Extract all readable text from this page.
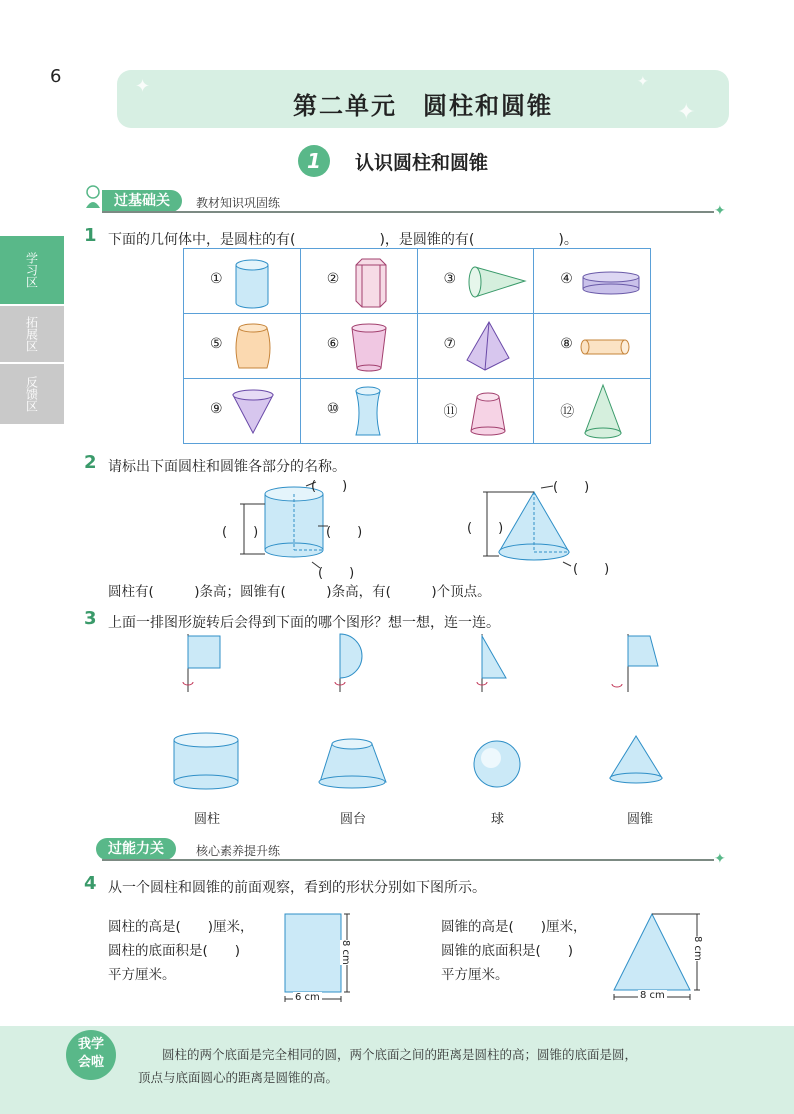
6	✦
✦
✦
第二单元　圆柱和圆锥
1	认识圆柱和圆锥
过基础关	教材知识巩固练	✦
学习区
拓展区
反馈区
1 下面的几何体中，是圆柱的有(　　　　　　)，是圆锥的有(　　　　　　)。
①	②	③	④

⑤	⑥	⑦	⑧

⑨	⑩	⑪	⑫
2 请标出下面圆柱和圆锥各部分的名称。
(　　)
(　　)	(　　)
(　　)
(　　)
(　　)
(　　)
圆柱有(　　　)条高；圆锥有(　　　)条高，有(　　　)个顶点。
3 上面一排图形旋转后会得到下面的哪个图形？想一想，连一连。
圆柱	圆台	球	圆锥
过能力关	核心素养提升练	✦
4 从一个圆柱和圆锥的前面观察，看到的形状分别如下图所示。
圆柱的高是(　　)厘米，
圆柱的底面积是(　　)
平方厘米。
6 cm
8 cm
圆锥的高是(　　)厘米，
圆锥的底面积是(　　)
平方厘米。
8 cm
8 cm
我学
会啦
圆柱的两个底面是完全相同的圆，两个底面之间的距离是圆柱的高；圆锥的底面是圆，
顶点与底面圆心的距离是圆锥的高。
